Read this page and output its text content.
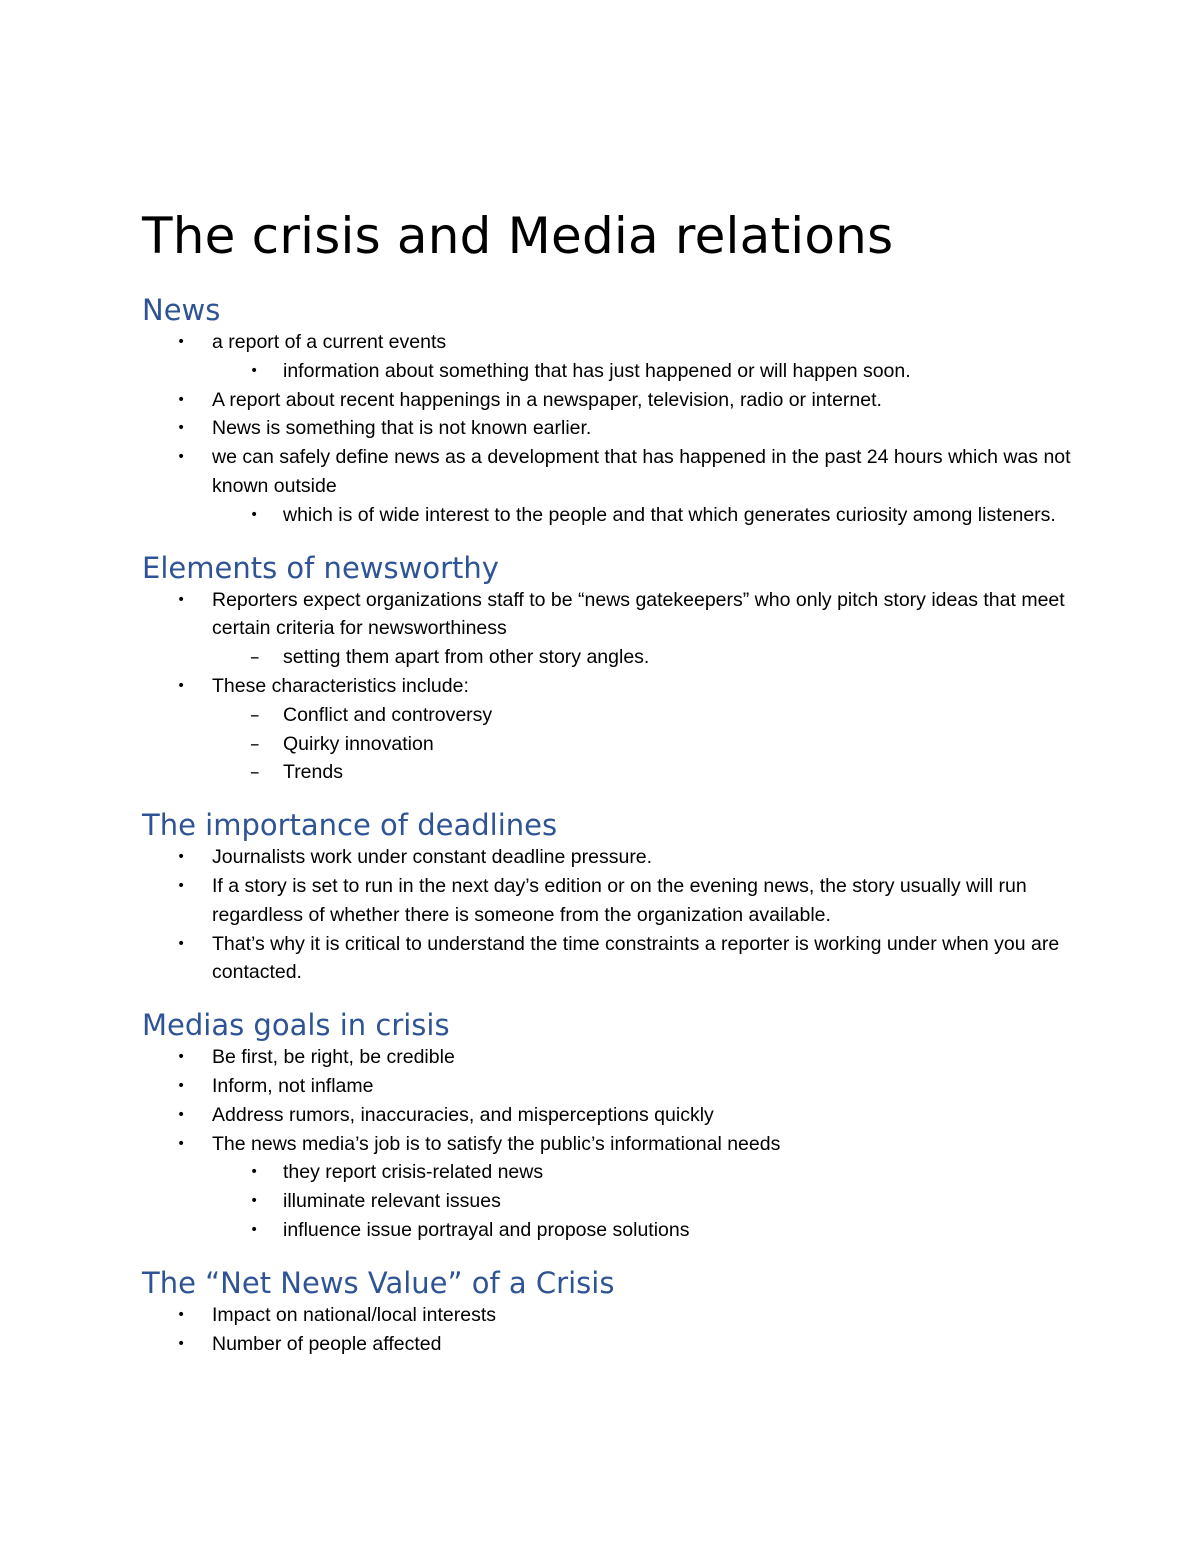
The crisis and Media relations
News
• a report of a current events
• information about something that has just happened or will happen soon.
• A report about recent happenings in a newspaper, television, radio or internet.
• News is something that is not known earlier.
• we can safely define news as a development that has happened in the past 24 hours which was not known outside
• which is of wide interest to the people and that which generates curiosity among listeners.
Elements of newsworthy
• Reporters expect organizations staff to be “news gatekeepers” who only pitch story ideas that meet certain criteria for newsworthiness
– setting them apart from other story angles.
• These characteristics include:
– Conflict and controversy
– Quirky innovation
– Trends
The importance of deadlines
• Journalists work under constant deadline pressure.
• If a story is set to run in the next day’s edition or on the evening news, the story usually will run regardless of whether there is someone from the organization available.
• That’s why it is critical to understand the time constraints a reporter is working under when you are contacted.
Medias goals in crisis
• Be first, be right, be credible
• Inform, not inflame
• Address rumors, inaccuracies, and misperceptions quickly
• The news media’s job is to satisfy the public’s informational needs
• they report crisis-related news
• illuminate relevant issues
• influence issue portrayal and propose solutions
The “Net News Value” of a Crisis
• Impact on national/local interests
• Number of people affected
